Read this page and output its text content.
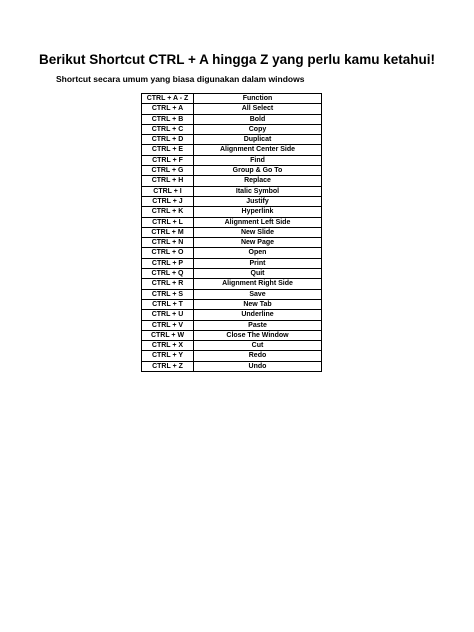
Berikut Shortcut CTRL + A hingga Z yang perlu kamu ketahui!
Shortcut secara umum yang biasa digunakan dalam windows
CTRL + A - Z	Function
CTRL + A	All Select
CTRL + B	Bold
CTRL + C	Copy
CTRL + D	Duplicat
CTRL + E	Alignment Center Side
CTRL + F	Find
CTRL + G	Group & Go To
CTRL + H	Replace
CTRL + I	Italic Symbol
CTRL + J	Justify
CTRL + K	Hyperlink
CTRL + L	Alignment Left Side
CTRL + M	New Slide
CTRL + N	New Page
CTRL + O	Open
CTRL + P	Print
CTRL + Q	Quit
CTRL + R	Alignment Right Side
CTRL + S	Save
CTRL + T	New Tab
CTRL + U	Underline
CTRL + V	Paste
CTRL + W	Close The Window
CTRL + X	Cut
CTRL + Y	Redo
CTRL + Z	Undo
